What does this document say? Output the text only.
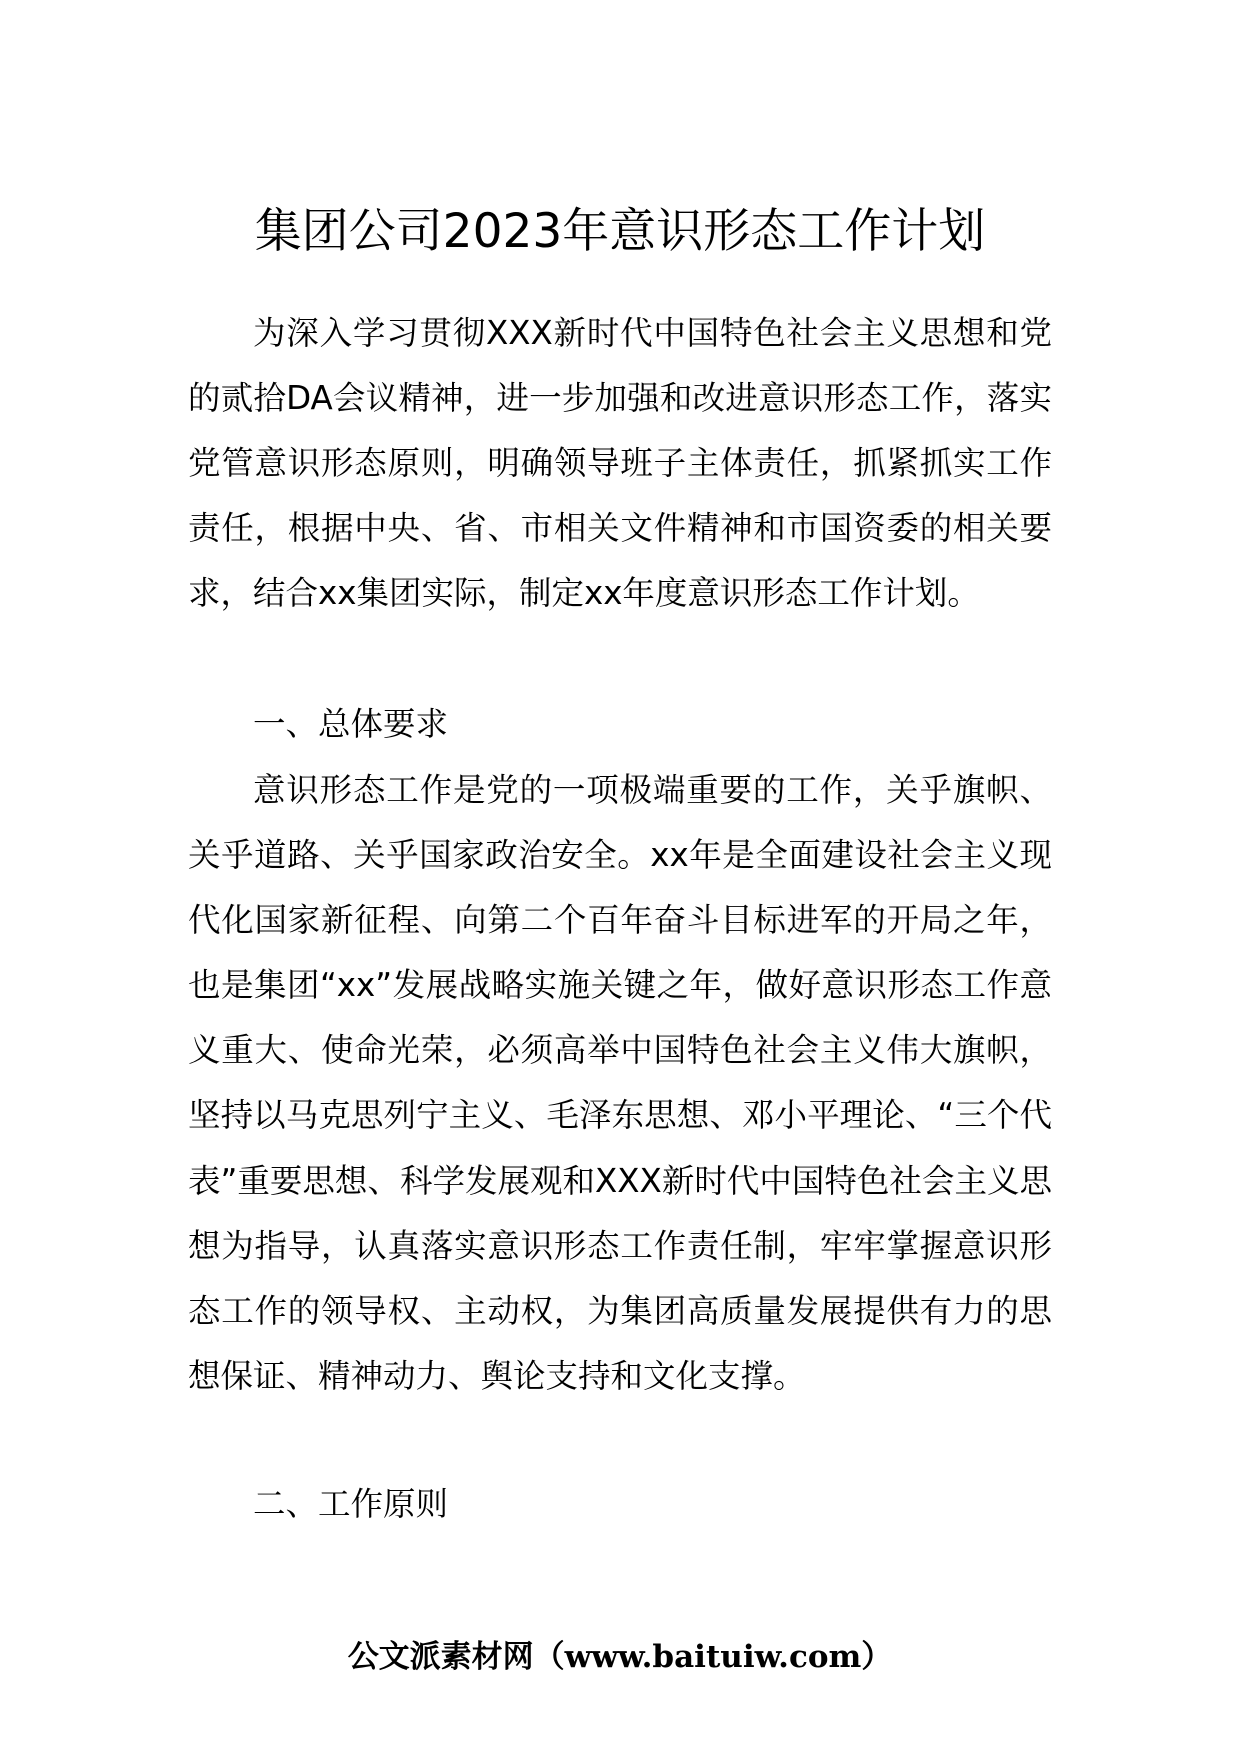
集团公司2023年意识形态工作计划

为深入学习贯彻XXX新时代中国特色社会主义思想和党的贰拾DA会议精神，进一步加强和改进意识形态工作，落实党管意识形态原则，明确领导班子主体责任，抓紧抓实工作责任，根据中央、省、市相关文件精神和市国资委的相关要求，结合xx集团实际，制定xx年度意识形态工作计划。

一、总体要求

意识形态工作是党的一项极端重要的工作，关乎旗帜、关乎道路、关乎国家政治安全。xx年是全面建设社会主义现代化国家新征程、向第二个百年奋斗目标进军的开局之年，也是集团“xx”发展战略实施关键之年，做好意识形态工作意义重大、使命光荣，必须高举中国特色社会主义伟大旗帜，坚持以马克思列宁主义、毛泽东思想、邓小平理论、“三个代表”重要思想、科学发展观和XXX新时代中国特色社会主义思想为指导，认真落实意识形态工作责任制，牢牢掌握意识形态工作的领导权、主动权，为集团高质量发展提供有力的思想保证、精神动力、舆论支持和文化支撑。

二、工作原则

公文派素材网（www.baituiw.com）
